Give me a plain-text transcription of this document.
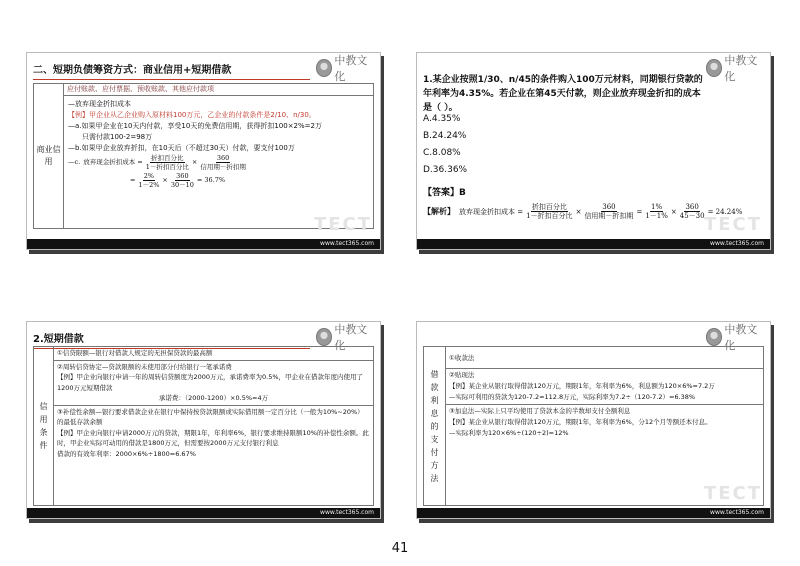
二、短期负债筹资方式：商业信用+短期借款
中教文化
商业信用
应付账款、应付票据、预收账款、其他应付款项
—放弃现金折扣成本
【例】甲企业从乙企业购入原材料100万元，乙企业的付款条件是2/10、n/30。
—a.如果甲企业在10天内付款，享受10天的免费信用期，获得折扣100×2%=2万
只需付款100-2=98万
—b.如果甲企业放弃折扣，在10天后（不超过30天）付款，要支付100万
—c. 放弃现金折扣成本 = $\frac{\text{折扣百分比}}{\text{1－折扣百分比}} \times \frac{360}{\text{信用期－折扣期}}$
= $\frac{2\%}{1-2\%} \times \frac{360}{30-10} = 36.7\%$
TECT
www.tect365.com
中教文化
1.某企业按照1/30、n/45的条件购入100万元材料，同期银行贷款的年利率为4.35%。若企业在第45天付款，则企业放弃现金折扣的成本是（ ）。
A.4.35%
B.24.24%
C.8.08%
D.36.36%
【答案】B
【解析】 放弃现金折扣成本 = $\frac{\text{折扣百分比}}{\text{1－折扣百分比}} \times \frac{360}{\text{信用期－折扣期}} = \frac{1\%}{1-1\%} \times \frac{360}{45-30} = 24.24\%$
TECT
www.tect365.com
2.短期借款
中教文化
信用条件
①信贷限额—银行对借款人规定的无担保贷款的最高额
②周转信贷协定—贷款限额的未使用部分付给银行一笔承诺费
【例】甲企业向银行申请一年的周转信贷额度为2000万元，承诺费率为0.5%，甲企业在借款年度内使用了1200万元短期借款
承诺费：（2000-1200）×0.5%=4万
③补偿性余额—银行要求借款企业在银行中保持按贷款限额或实际借用额一定百分比（一般为10%~20%）的最低存款余额
【例】甲企业向银行申请2000万元的贷款，期限1年，年利率6%，银行要求维持限额10%的补偿性余额。此时，甲企业实际可动用的借款是1800万元，但需要按2000万元支付银行利息
借款的有效年利率：2000×6%÷1800=6.67%
www.tect365.com
中教文化
借款利息的支付方法
①收款法
②贴现法
【例】某企业从银行取得借款120万元，期限1年，年利率为6%，利息额为120×6%=7.2万
—实际可利用的贷款为120-7.2=112.8万元，实际利率为7.2÷（120-7.2）=6.38%
③加息法—实际上只平均使用了贷款本金的半数却支付全额利息
【例】某企业从银行取得借款120万元，期限1年，年利率为6%，分12个月等额还本付息。
—实际利率为120×6%÷(120÷2)=12%
TECT
www.tect365.com
41
